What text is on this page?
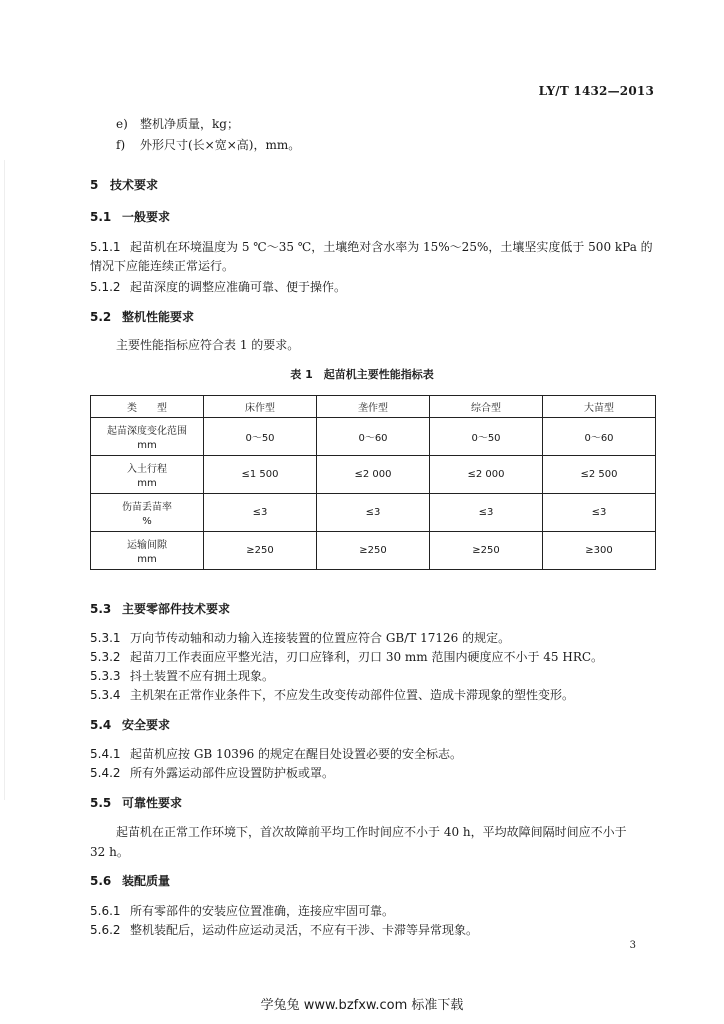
LY/T 1432—2013
e) 整机净质量，kg；
f) 外形尺寸(长×宽×高)，mm。
5 技术要求
5.1 一般要求
5.1.1 起苗机在环境温度为 5 ℃～35 ℃，土壤绝对含水率为 15%～25%，土壤坚实度低于 500 kPa 的
情况下应能连续正常运行。
5.1.2 起苗深度的调整应准确可靠、便于操作。
5.2 整机性能要求
主要性能指标应符合表 1 的要求。
表 1　起苗机主要性能指标表
类　　型	床作型	垄作型	综合型	大苗型
起苗深度变化范围
mm	0～50	0～60	0～50	0～60
入土行程
mm	≤1 500	≤2 000	≤2 000	≤2 500
伤苗丢苗率
%	≤3	≤3	≤3	≤3
运输间隙
mm	≥250	≥250	≥250	≥300
5.3 主要零部件技术要求
5.3.1 万向节传动轴和动力输入连接装置的位置应符合 GB/T 17126 的规定。
5.3.2 起苗刀工作表面应平整光洁，刃口应锋利，刃口 30 mm 范围内硬度应不小于 45 HRC。
5.3.3 抖土装置不应有拥土现象。
5.3.4 主机架在正常作业条件下，不应发生改变传动部件位置、造成卡滞现象的塑性变形。
5.4 安全要求
5.4.1 起苗机应按 GB 10396 的规定在醒目处设置必要的安全标志。
5.4.2 所有外露运动部件应设置防护板或罩。
5.5 可靠性要求
起苗机在正常工作环境下，首次故障前平均工作时间应不小于 40 h，平均故障间隔时间应不小于
32 h。
5.6 装配质量
5.6.1 所有零部件的安装应位置准确，连接应牢固可靠。
5.6.2 整机装配后，运动件应运动灵活，不应有干涉、卡滞等异常现象。
3
学兔兔 www.bzfxw.com 标准下载
